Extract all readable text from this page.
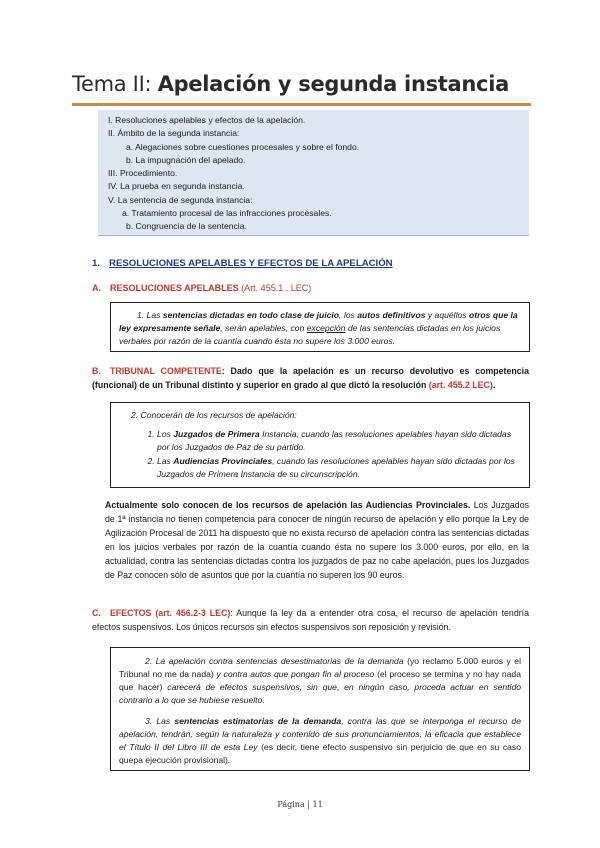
Tema II: Apelación y segunda instancia
I. Resoluciones apelables y efectos de la apelación.
II. Ámbito de la segunda instancia:
a. Alegaciones sobre cuestiones procesales y sobre el fondo.
b. La impugnación del apelado.
III. Procedimiento.
IV. La prueba en segunda instancia.
V. La sentencia de segunda instancia:
a. Tratamiento procesal de las infracciones procesales.
b. Congruencia de la sentencia.
1. RESOLUCIONES APELABLES Y EFECTOS DE LA APELACIÓN
A. RESOLUCIONES APELABLES (Art. 455.1 . LEC)
1. Las sentencias dictadas en todo clase de juicio, los autos definitivos y aquéllos otros que la ley expresamente señale, serán apelables, con excepción de las sentencias dictadas en los juicios verbales por razón de la cuantía cuando ésta no supere los 3.000 euros.
B. TRIBUNAL COMPETENTE: Dado que la apelación es un recurso devolutivo es competencia (funcional) de un Tribunal distinto y superior en grado al que dictó la resolución (art. 455.2 LEC).
2. Conocerán de los recursos de apelación:
1. Los Juzgados de Primera Instancia, cuando las resoluciones apelables hayan sido dictadas por los Juzgados de Paz de su partido.
2. Las Audiencias Provinciales, cuando las resoluciones apelables hayan sido dictadas por los Juzgados de Primera Instancia de su circunscripción.
Actualmente solo conocen de los recursos de apelación las Audiencias Provinciales. Los Juzgados de 1ª instancia no tienen competencia para conocer de ningún recurso de apelación y ello porque la Ley de Agilización Procesal de 2011 ha dispuesto que no exista recurso de apelación contra las sentencias dictadas en los juicios verbales por razón de la cuantía cuando ésta no supere los 3.000 euros, por ello, en la actualidad, contra las sentencias dictadas contra los juzgados de paz no cabe apelación, pues los Juzgados de Paz conocen sólo de asuntos que por la cuantía no superen los 90 euros.
C. EFECTOS (art. 456.2-3 LEC): Aunque la ley da a entender otra cosa, el recurso de apelación tendría efectos suspensivos. Los únicos recursos sin efectos suspensivos son reposición y revisión.
2. La apelación contra sentencias desestimatorias de la demanda (yo reclamo 5.000 euros y el Tribunal no me da nada) y contra autos que pongan fin al proceso (el proceso se termina y no hay nada que hacer) carecerá de efectos suspensivos, sin que, en ningún caso, proceda actuar en sentido contrario a lo que se hubiese resuelto.
3. Las sentencias estimatorias de la demanda, contra las que se interponga el recurso de apelación, tendrán, según la naturaleza y contenido de sus pronunciamientos, la eficacia que establece el Título II del Libro III de esta Ley (es decir, tiene efecto suspensivo sin perjuicio de que en su caso quepa ejecución provisional).
Página | 11
